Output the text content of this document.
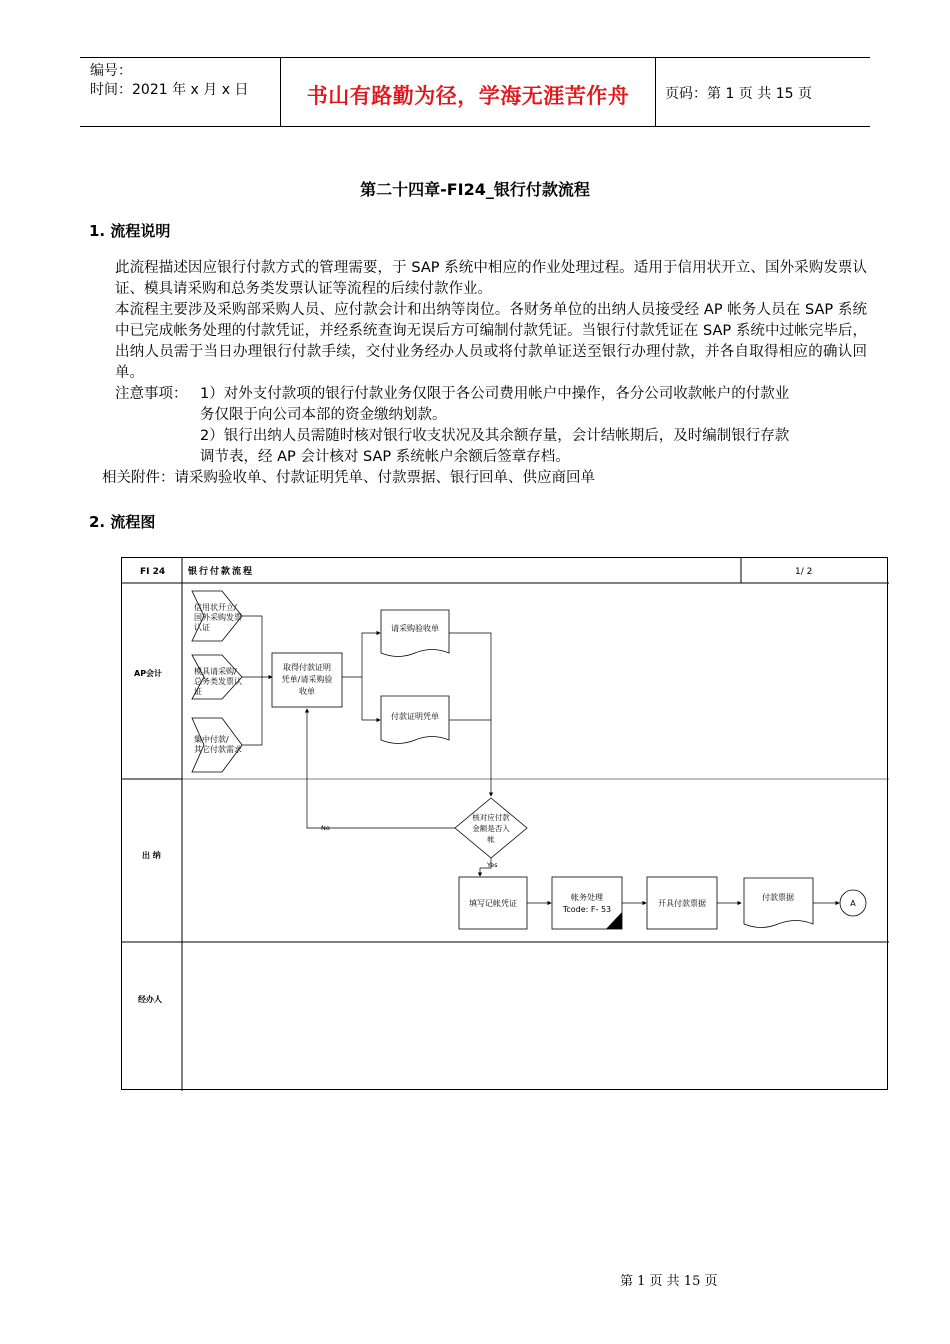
编号：
时间：2021 年 x 月 x 日	书山有路勤为径，学海无涯苦作舟	页码：第 1 页 共 15 页
第二十四章-FI24_银行付款流程
1. 流程说明
此流程描述因应银行付款方式的管理需要，于 SAP 系统中相应的作业处理过程。适用于信用状开立、国外采购发票认证、模具请采购和总务类发票认证等流程的后续付款作业。
本流程主要涉及采购部采购人员、应付款会计和出纳等岗位。各财务单位的出纳人员接受经 AP 帐务人员在 SAP 系统中已完成帐务处理的付款凭证，并经系统查询无误后方可编制付款凭证。当银行付款凭证在 SAP 系统中过帐完毕后，出纳人员需于当日办理银行付款手续，交付业务经办人员或将付款单证送至银行办理付款，并各自取得相应的确认回单。
注意事项： 1）对外支付款项的银行付款业务仅限于各公司费用帐户中操作，各分公司收款帐户的付款业
务仅限于向公司本部的资金缴纳划款。
2）银行出纳人员需随时核对银行收支状况及其余额存量，会计结帐期后，及时编制银行存款
调节表，经 AP 会计核对 SAP 系统帐户余额后签章存档。
相关附件：请采购验收单、付款证明凭单、付款票据、银行回单、供应商回单
2. 流程图
FI 24	银行付款流程	1/ 2
AP会计
出 纳
经办人
信用状开立/
国外采购发票
认证
模具请采购/
总务类发票认
证
集中付款/
其它付款需求
取得付款证明
凭单/请采购验
收单
请采购验收单
付款证明凭单
核对应付款
金额是否入
帐
No
Yes
填写记帐凭证
帐务处理
Tcode: F- 53
开具付款票据
付款票据
A
第 1 页 共 15 页
